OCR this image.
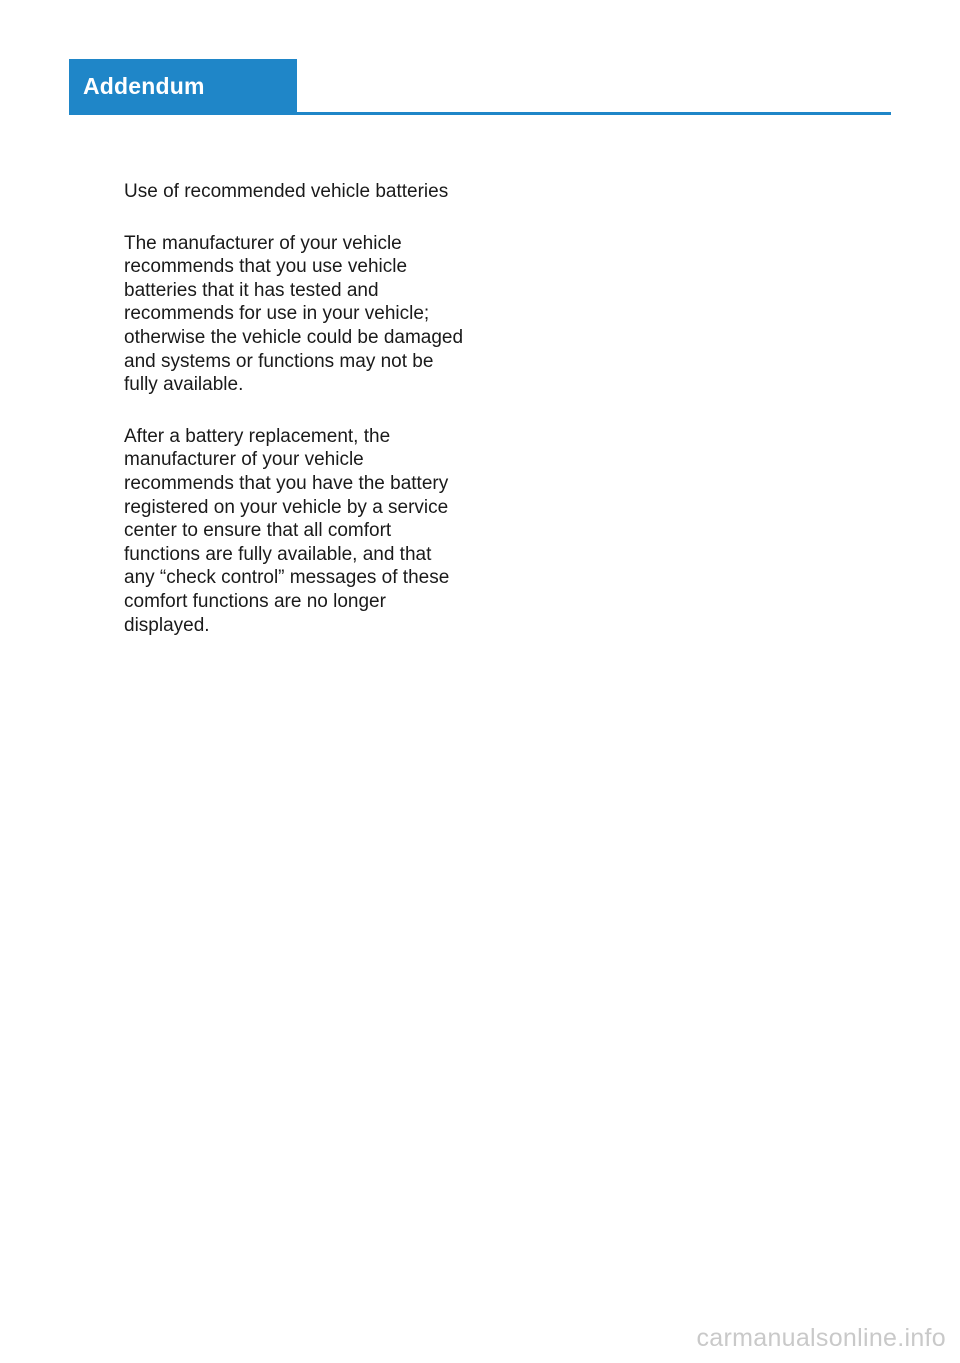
Addendum

Use of recommended vehicle batteries

The manufacturer of your vehicle recommends that you use vehicle batteries that it has tested and recommends for use in your vehicle; otherwise the vehicle could be damaged and systems or functions may not be fully available.

After a battery replacement, the manufacturer of your vehicle recommends that you have the battery registered on your vehicle by a service center to ensure that all comfort functions are fully available, and that any “check control” messages of these comfort functions are no longer displayed.

carmanualsonline.info
